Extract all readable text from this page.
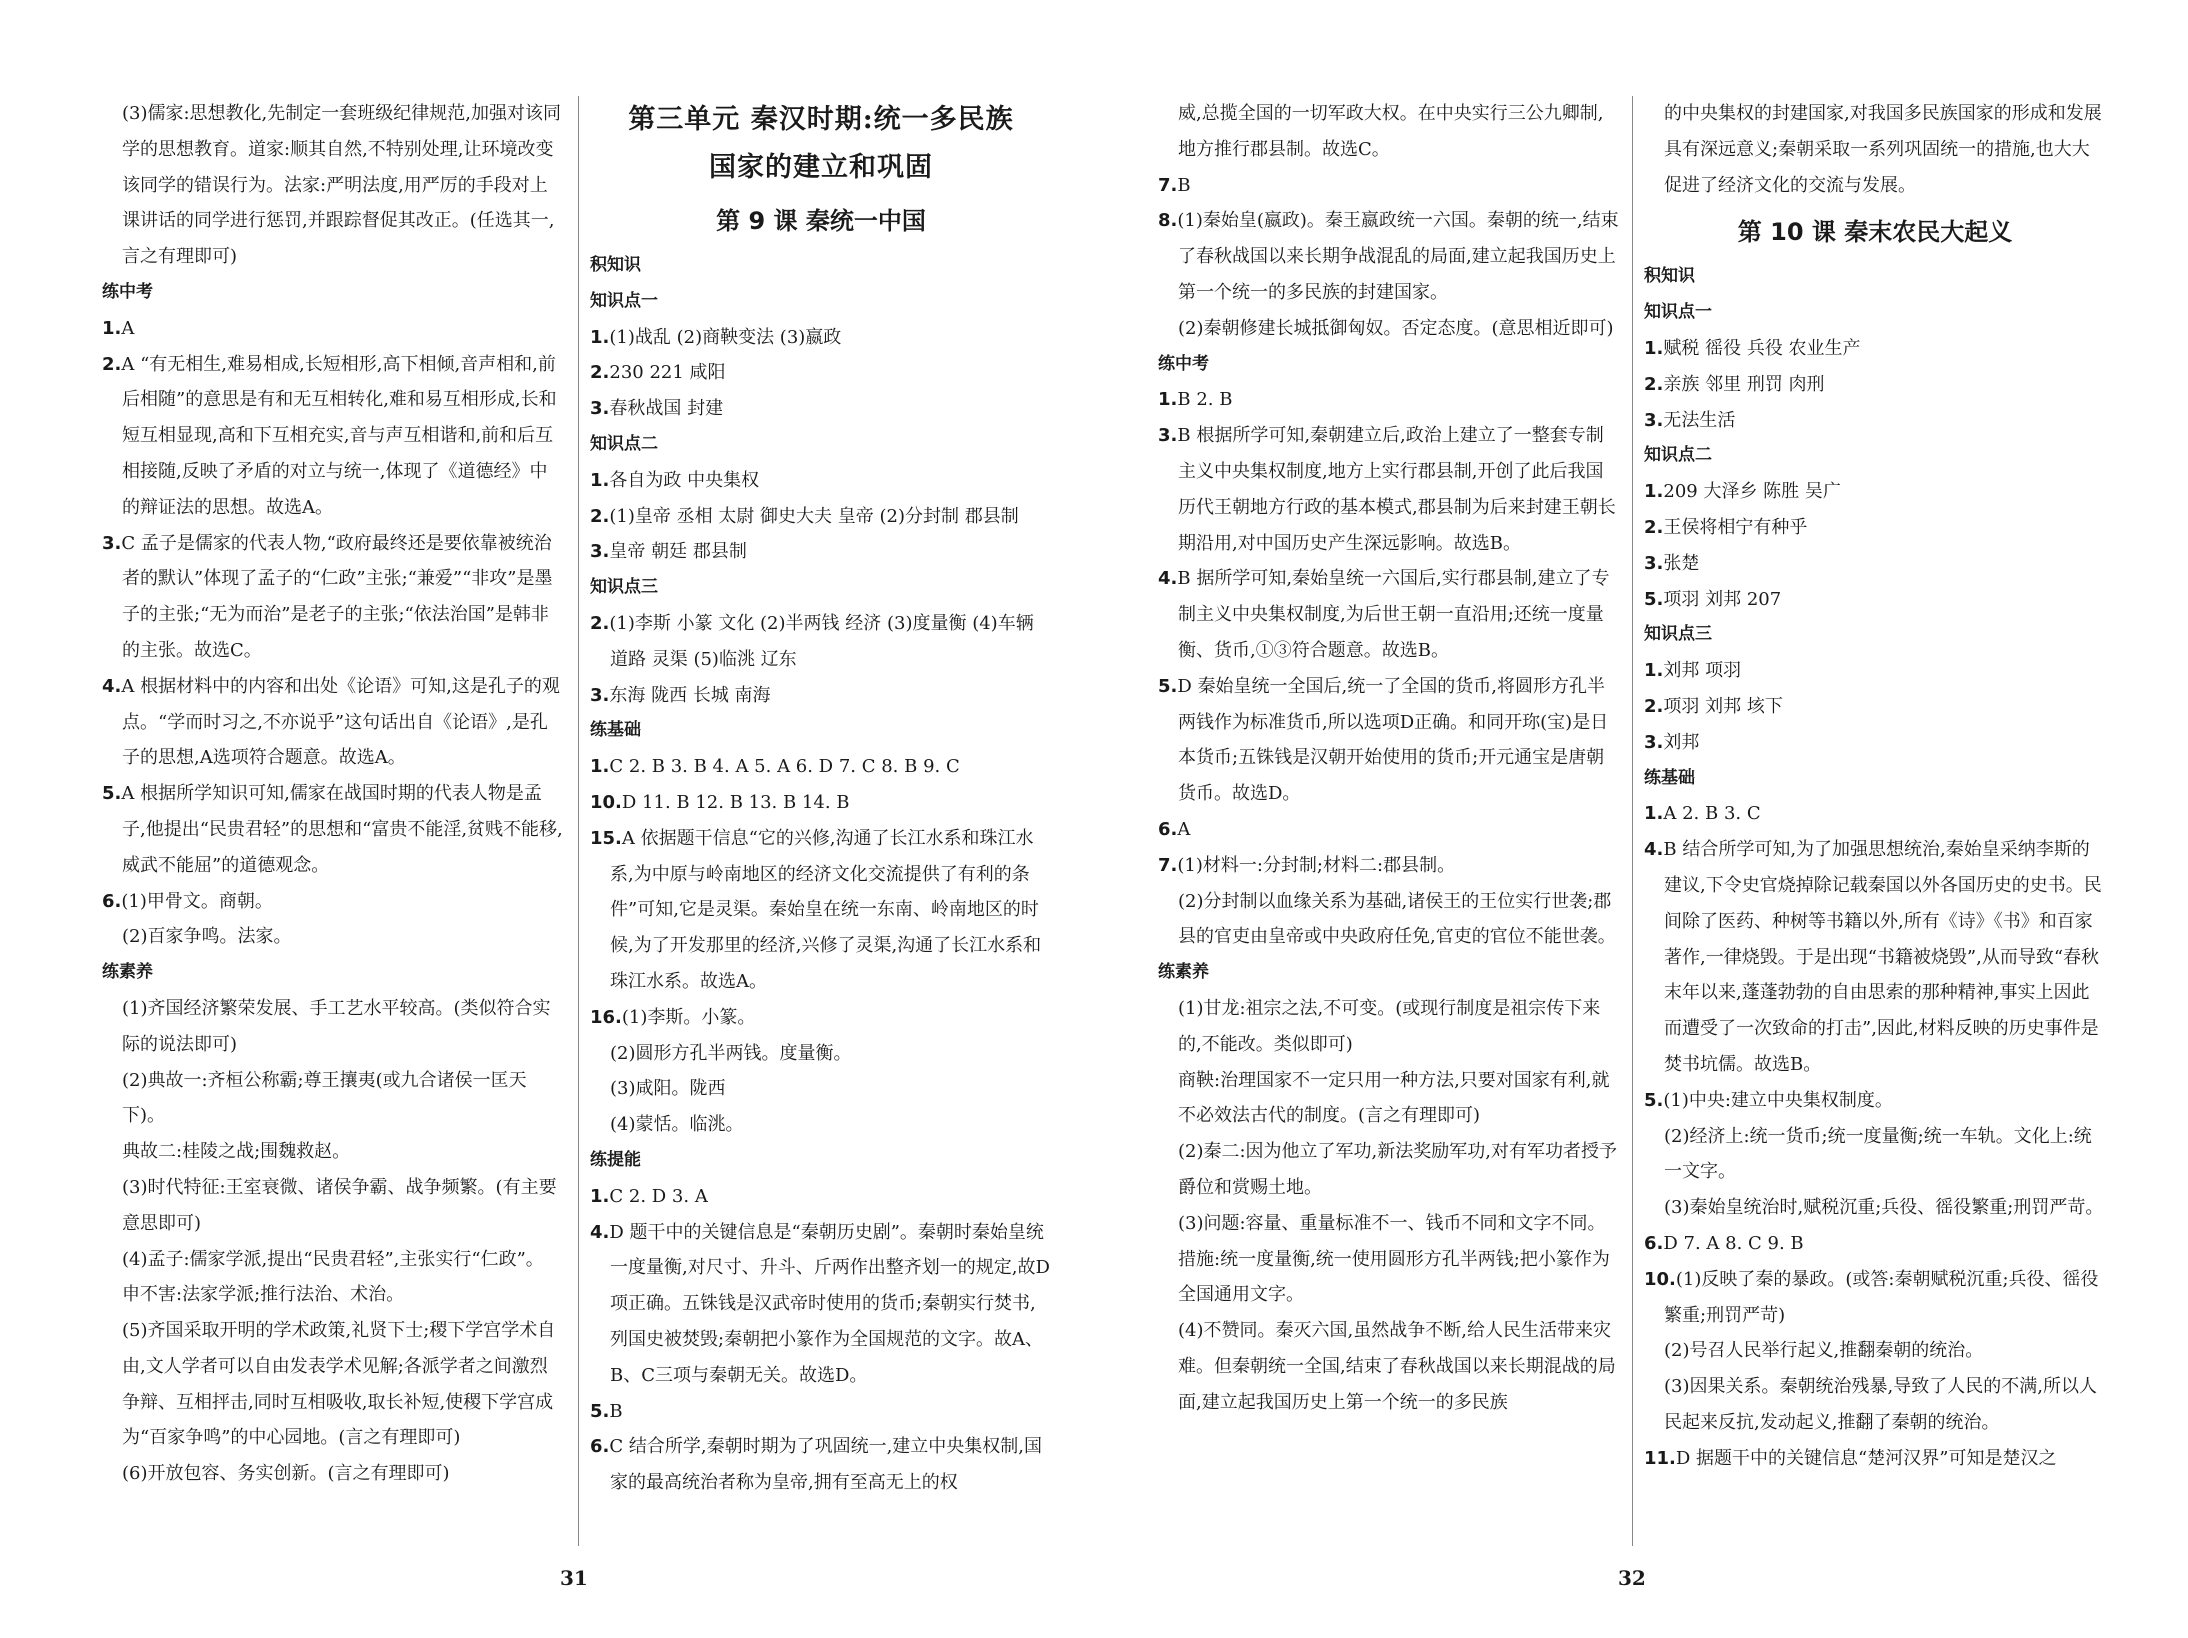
(3)儒家:思想教化,先制定一套班级纪律规范,加强对该同学的思想教育。道家:顺其自然,不特别处理,让环境改变该同学的错误行为。法家:严明法度,用严厉的手段对上课讲话的同学进行惩罚,并跟踪督促其改正。(任选其一,言之有理即可)
练中考
1.A
2.A “有无相生,难易相成,长短相形,高下相倾,音声相和,前后相随”的意思是有和无互相转化,难和易互相形成,长和短互相显现,高和下互相充实,音与声互相谐和,前和后互相接随,反映了矛盾的对立与统一,体现了《道德经》中的辩证法的思想。故选A。
3.C 孟子是儒家的代表人物,“政府最终还是要依靠被统治者的默认”体现了孟子的“仁政”主张;“兼爱”“非攻”是墨子的主张;“无为而治”是老子的主张;“依法治国”是韩非的主张。故选C。
4.A 根据材料中的内容和出处《论语》可知,这是孔子的观点。“学而时习之,不亦说乎”这句话出自《论语》,是孔子的思想,A选项符合题意。故选A。
5.A 根据所学知识可知,儒家在战国时期的代表人物是孟子,他提出“民贵君轻”的思想和“富贵不能淫,贫贱不能移,威武不能屈”的道德观念。
6.(1)甲骨文。商朝。
(2)百家争鸣。法家。
练素养
(1)齐国经济繁荣发展、手工艺水平较高。(类似符合实际的说法即可)
(2)典故一:齐桓公称霸;尊王攘夷(或九合诸侯一匡天下)。
典故二:桂陵之战;围魏救赵。
(3)时代特征:王室衰微、诸侯争霸、战争频繁。(有主要意思即可)
(4)孟子:儒家学派,提出“民贵君轻”,主张实行“仁政”。
申不害:法家学派;推行法治、术治。
(5)齐国采取开明的学术政策,礼贤下士;稷下学宫学术自由,文人学者可以自由发表学术见解;各派学者之间激烈争辩、互相抨击,同时互相吸收,取长补短,使稷下学宫成为“百家争鸣”的中心园地。(言之有理即可)
(6)开放包容、务实创新。(言之有理即可)
第三单元 秦汉时期:统一多民族
国家的建立和巩固
第 9 课 秦统一中国
积知识
知识点一
1.(1)战乱 (2)商鞅变法 (3)嬴政
2.230 221 咸阳
3.春秋战国 封建
知识点二
1.各自为政 中央集权
2.(1)皇帝 丞相 太尉 御史大夫 皇帝 (2)分封制 郡县制
3.皇帝 朝廷 郡县制
知识点三
2.(1)李斯 小篆 文化 (2)半两钱 经济 (3)度量衡 (4)车辆 道路 灵渠 (5)临洮 辽东
3.东海 陇西 长城 南海
练基础
1.C 2. B 3. B 4. A 5. A 6. D 7. C 8. B 9. C
10.D 11. B 12. B 13. B 14. B
15.A 依据题干信息“它的兴修,沟通了长江水系和珠江水系,为中原与岭南地区的经济文化交流提供了有利的条件”可知,它是灵渠。秦始皇在统一东南、岭南地区的时候,为了开发那里的经济,兴修了灵渠,沟通了长江水系和珠江水系。故选A。
16.(1)李斯。小篆。
(2)圆形方孔半两钱。度量衡。
(3)咸阳。陇西
(4)蒙恬。临洮。
练提能
1.C 2. D 3. A
4.D 题干中的关键信息是“秦朝历史剧”。秦朝时秦始皇统一度量衡,对尺寸、升斗、斤两作出整齐划一的规定,故D项正确。五铢钱是汉武帝时使用的货币;秦朝实行焚书,列国史被焚毁;秦朝把小篆作为全国规范的文字。故A、B、C三项与秦朝无关。故选D。
5.B
6.C 结合所学,秦朝时期为了巩固统一,建立中央集权制,国家的最高统治者称为皇帝,拥有至高无上的权
31
威,总揽全国的一切军政大权。在中央实行三公九卿制,地方推行郡县制。故选C。
7.B
8.(1)秦始皇(嬴政)。秦王嬴政统一六国。秦朝的统一,结束了春秋战国以来长期争战混乱的局面,建立起我国历史上第一个统一的多民族的封建国家。
(2)秦朝修建长城抵御匈奴。否定态度。(意思相近即可)
练中考
1.B 2. B
3.B 根据所学可知,秦朝建立后,政治上建立了一整套专制主义中央集权制度,地方上实行郡县制,开创了此后我国历代王朝地方行政的基本模式,郡县制为后来封建王朝长期沿用,对中国历史产生深远影响。故选B。
4.B 据所学可知,秦始皇统一六国后,实行郡县制,建立了专制主义中央集权制度,为后世王朝一直沿用;还统一度量衡、货币,①③符合题意。故选B。
5.D 秦始皇统一全国后,统一了全国的货币,将圆形方孔半两钱作为标准货币,所以选项D正确。和同开珎(宝)是日本货币;五铢钱是汉朝开始使用的货币;开元通宝是唐朝货币。故选D。
6.A
7.(1)材料一:分封制;材料二:郡县制。
(2)分封制以血缘关系为基础,诸侯王的王位实行世袭;郡县的官吏由皇帝或中央政府任免,官吏的官位不能世袭。
练素养
(1)甘龙:祖宗之法,不可变。(或现行制度是祖宗传下来的,不能改。类似即可)
商鞅:治理国家不一定只用一种方法,只要对国家有利,就不必效法古代的制度。(言之有理即可)
(2)秦二:因为他立了军功,新法奖励军功,对有军功者授予爵位和赏赐土地。
(3)问题:容量、重量标准不一、钱币不同和文字不同。措施:统一度量衡,统一使用圆形方孔半两钱;把小篆作为全国通用文字。
(4)不赞同。秦灭六国,虽然战争不断,给人民生活带来灾难。但秦朝统一全国,结束了春秋战国以来长期混战的局面,建立起我国历史上第一个统一的多民族
的中央集权的封建国家,对我国多民族国家的形成和发展具有深远意义;秦朝采取一系列巩固统一的措施,也大大促进了经济文化的交流与发展。
第 10 课 秦末农民大起义
积知识
知识点一
1.赋税 徭役 兵役 农业生产
2.亲族 邻里 刑罚 肉刑
3.无法生活
知识点二
1.209 大泽乡 陈胜 吴广
2.王侯将相宁有种乎
3.张楚
5.项羽 刘邦 207
知识点三
1.刘邦 项羽
2.项羽 刘邦 垓下
3.刘邦
练基础
1.A 2. B 3. C
4.B 结合所学可知,为了加强思想统治,秦始皇采纳李斯的建议,下令史官烧掉除记载秦国以外各国历史的史书。民间除了医药、种树等书籍以外,所有《诗》《书》和百家著作,一律烧毁。于是出现“书籍被烧毁”,从而导致“春秋末年以来,蓬蓬勃勃的自由思索的那种精神,事实上因此而遭受了一次致命的打击”,因此,材料反映的历史事件是焚书坑儒。故选B。
5.(1)中央:建立中央集权制度。
(2)经济上:统一货币;统一度量衡;统一车轨。文化上:统一文字。
(3)秦始皇统治时,赋税沉重;兵役、徭役繁重;刑罚严苛。
6.D 7. A 8. C 9. B
10.(1)反映了秦的暴政。(或答:秦朝赋税沉重;兵役、徭役繁重;刑罚严苛)
(2)号召人民举行起义,推翻秦朝的统治。
(3)因果关系。秦朝统治残暴,导致了人民的不满,所以人民起来反抗,发动起义,推翻了秦朝的统治。
11.D 据题干中的关键信息“楚河汉界”可知是楚汉之
32
